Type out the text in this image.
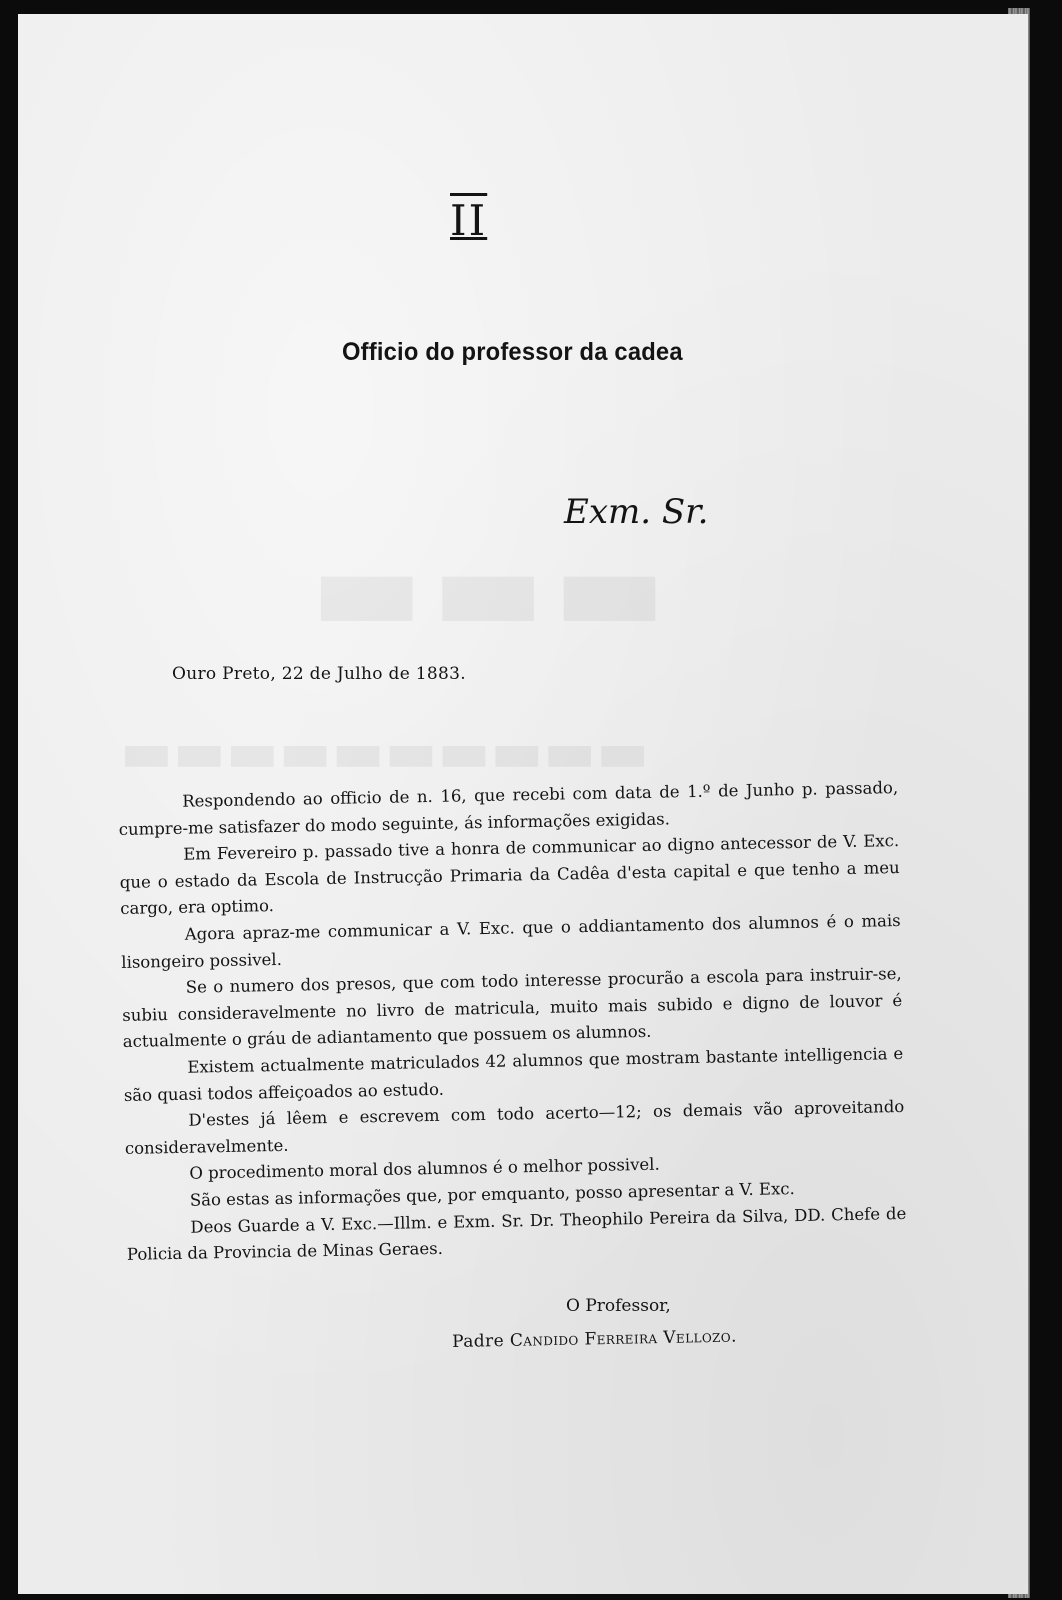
II
Officio do professor da cadea
Exm. Sr.
Ouro Preto, 22 de Julho de 1883.

Respondendo ao officio de n. 16, que recebi com data de 1.º de Junho p. passado, cumpre-me satisfazer do modo seguinte, ás informações exigidas.

Em Fevereiro p. passado tive a honra de communicar ao digno antecessor de V. Exc. que o estado da Escola de Instrucção Primaria da Cadêa d'esta capital e que tenho a meu cargo, era optimo.

Agora apraz-me communicar a V. Exc. que o addiantamento dos alumnos é o mais lisongeiro possivel.

Se o numero dos presos, que com todo interesse procurão a escola para instruir-se, subiu consideravelmente no livro de matricula, muito mais subido e digno de louvor é actualmente o gráu de adiantamento que possuem os alumnos.

Existem actualmente matriculados 42 alumnos que mostram bastante intelligencia e são quasi todos affeiçoados ao estudo.

D'estes já lêem e escrevem com todo acerto—12; os demais vão aproveitando consideravelmente.

O procedimento moral dos alumnos é o melhor possivel.

São estas as informações que, por emquanto, posso apresentar a V. Exc.

Deos Guarde a V. Exc.—Illm. e Exm. Sr. Dr. Theophilo Pereira da Silva, DD. Chefe de Policia da Provincia de Minas Geraes.

O Professor,
Padre Candido Ferreira Vellozo.
